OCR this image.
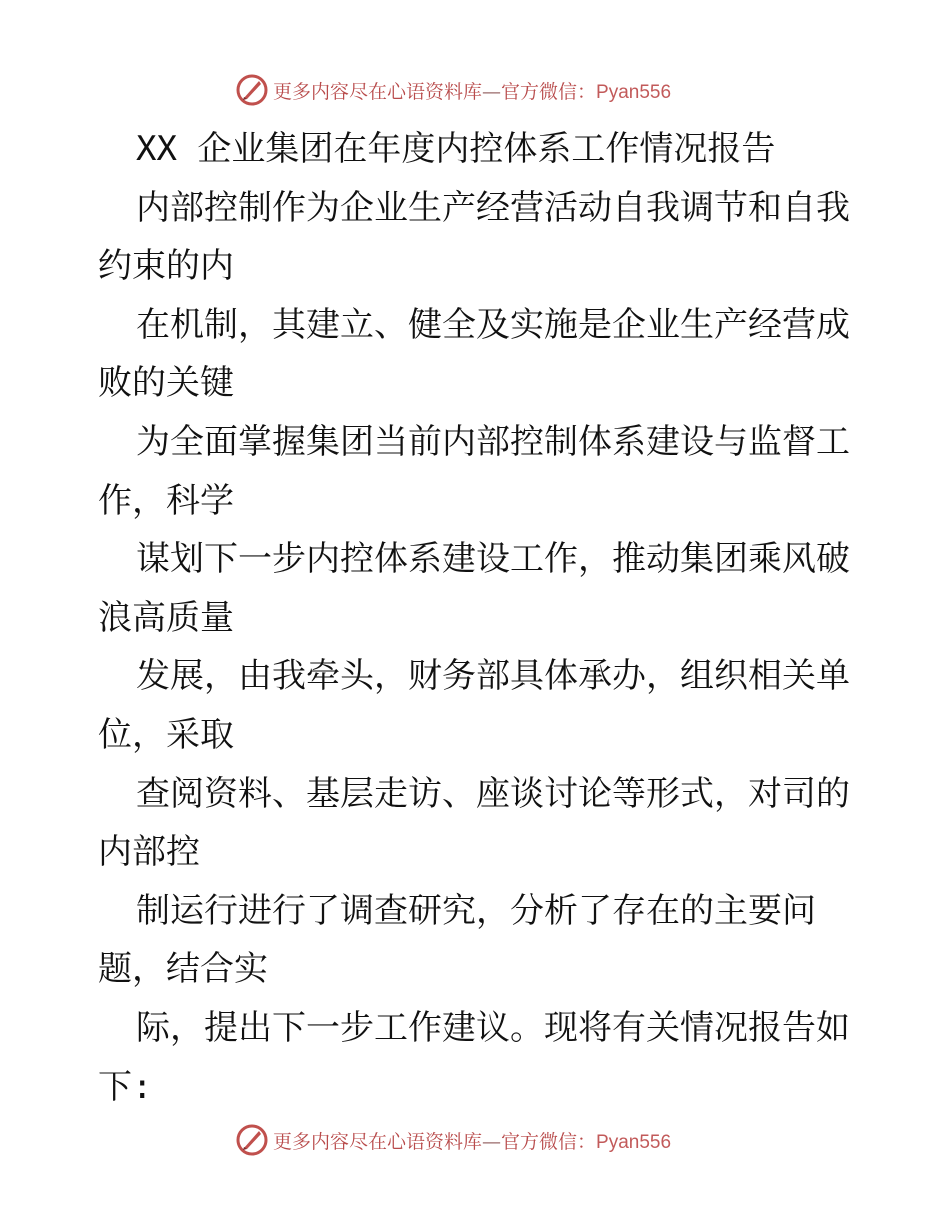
更多内容尽在心语资料库—官方微信：Pyan556

XX 企业集团在年度内控体系工作情况报告

内部控制作为企业生产经营活动自我调节和自我

约束的内

在机制，其建立、健全及实施是企业生产经营成

败的关键

为全面掌握集团当前内部控制体系建设与监督工

作，科学

谋划下一步内控体系建设工作，推动集团乘风破

浪高质量

发展，由我牵头，财务部具体承办，组织相关单

位，采取

查阅资料、基层走访、座谈讨论等形式，对司的

内部控

制运行进行了调查研究，分析了存在的主要问

题，结合实

际，提出下一步工作建议。现将有关情况报告如

下:

更多内容尽在心语资料库—官方微信：Pyan556
